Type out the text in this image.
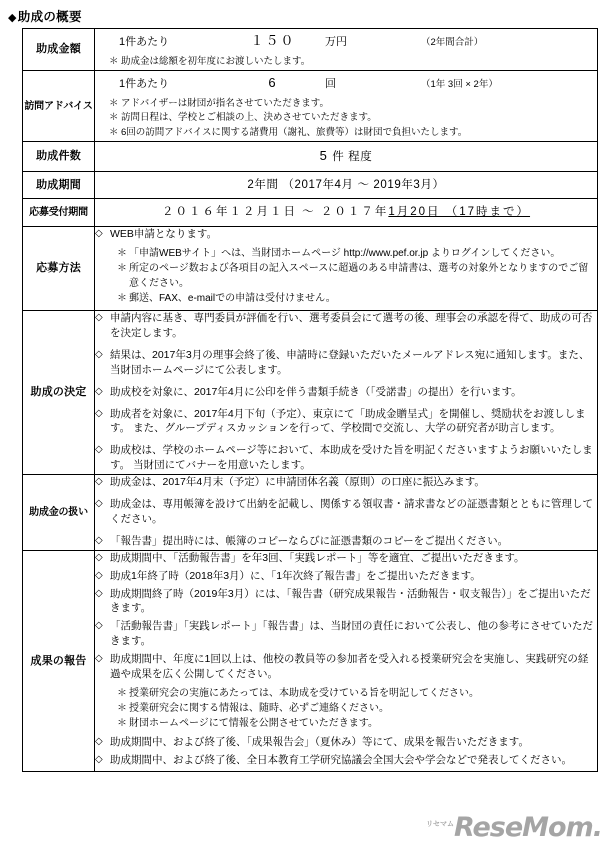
◆助成の概要
助成金額	
1件あたり	１５０	万円	（2年間合計）
＊ 助成金は総額を初年度にお渡しいたします。

訪問アドバイス	
1件あたり	6	回	（1年 3回 × 2年）
＊ アドバイザーは財団が指名させていただきます。
＊ 訪問日程は、学校とご相談の上、決めさせていただきます。
＊ 6回の訪問アドバイスに関する諸費用（謝礼、旅費等）は財団で負担いたします。

助成件数	5 件 程度

助成期間	2年間 （2017年4月 ～ 2019年3月）

応募受付期間	２０１６年１２月１日 ～ ２０１７年1月20日 （17時まで）

応募方法	
◇ WEB申請となります。
＊ 「申請WEBサイト」へは、当財団ホームページ http://www.pef.or.jp よりログインしてください。
＊ 所定のページ数および各項目の記入スペースに超過のある申請書は、選考の対象外となりますのでご留意ください。
＊ 郵送、FAX、e-mailでの申請は受付けません。

助成の決定	
◇ 申請内容に基き、専門委員が評価を行い、選考委員会にて選考の後、理事会の承認を得て、助成の可否を決定します。
◇ 結果は、2017年3月の理事会終了後、申請時に登録いただいたメールアドレス宛に通知します。また、当財団ホームページにて公表します。
◇ 助成校を対象に、2017年4月に公印を伴う書類手続き（「受諾書」の提出）を行います。
◇ 助成者を対象に、2017年4月下旬（予定）、東京にて「助成金贈呈式」を開催し、奨励状をお渡しします。 また、グループディスカッションを行って、学校間で交流し、大学の研究者が助言します。
◇ 助成校は、学校のホームページ等において、本助成を受けた旨を明記くださいますようお願いいたします。 当財団にてバナーを用意いたします。

助成金の扱い	
◇ 助成金は、2017年4月末（予定）に申請団体名義（原則）の口座に振込みます。
◇ 助成金は、専用帳簿を設けて出納を記載し、関係する領収書・請求書などの証憑書類とともに管理してください。
◇ 「報告書」提出時には、帳簿のコピーならびに証憑書類のコピーをご提出ください。

成果の報告	
◇ 助成期間中、「活動報告書」を年3回、「実践レポート」等を適宜、ご提出いただきます。
◇ 助成1年終了時（2018年3月）に、「1年次終了報告書」をご提出いただきます。
◇ 助成期間終了時（2019年3月）には、「報告書（研究成果報告・活動報告・収支報告）」をご提出いただきます。
◇ 「活動報告書」「実践レポート」「報告書」は、当財団の責任において公表し、他の参考にさせていただきます。
◇ 助成期間中、年度に1回以上は、他校の教員等の参加者を受入れる授業研究会を実施し、実践研究の経過や成果を広く公開してください。
＊ 授業研究会の実施にあたっては、本助成を受けている旨を明記してください。
＊ 授業研究会に関する情報は、随時、必ずご連絡ください。
＊ 財団ホームページにて情報を公開させていただきます。
◇ 助成期間中、および終了後、「成果報告会」（夏休み）等にて、成果を報告いただきます。
◇ 助成期間中、および終了後、全日本教育工学研究協議会全国大会や学会などで発表してください。
$^{リセマム}$ReseMom.
